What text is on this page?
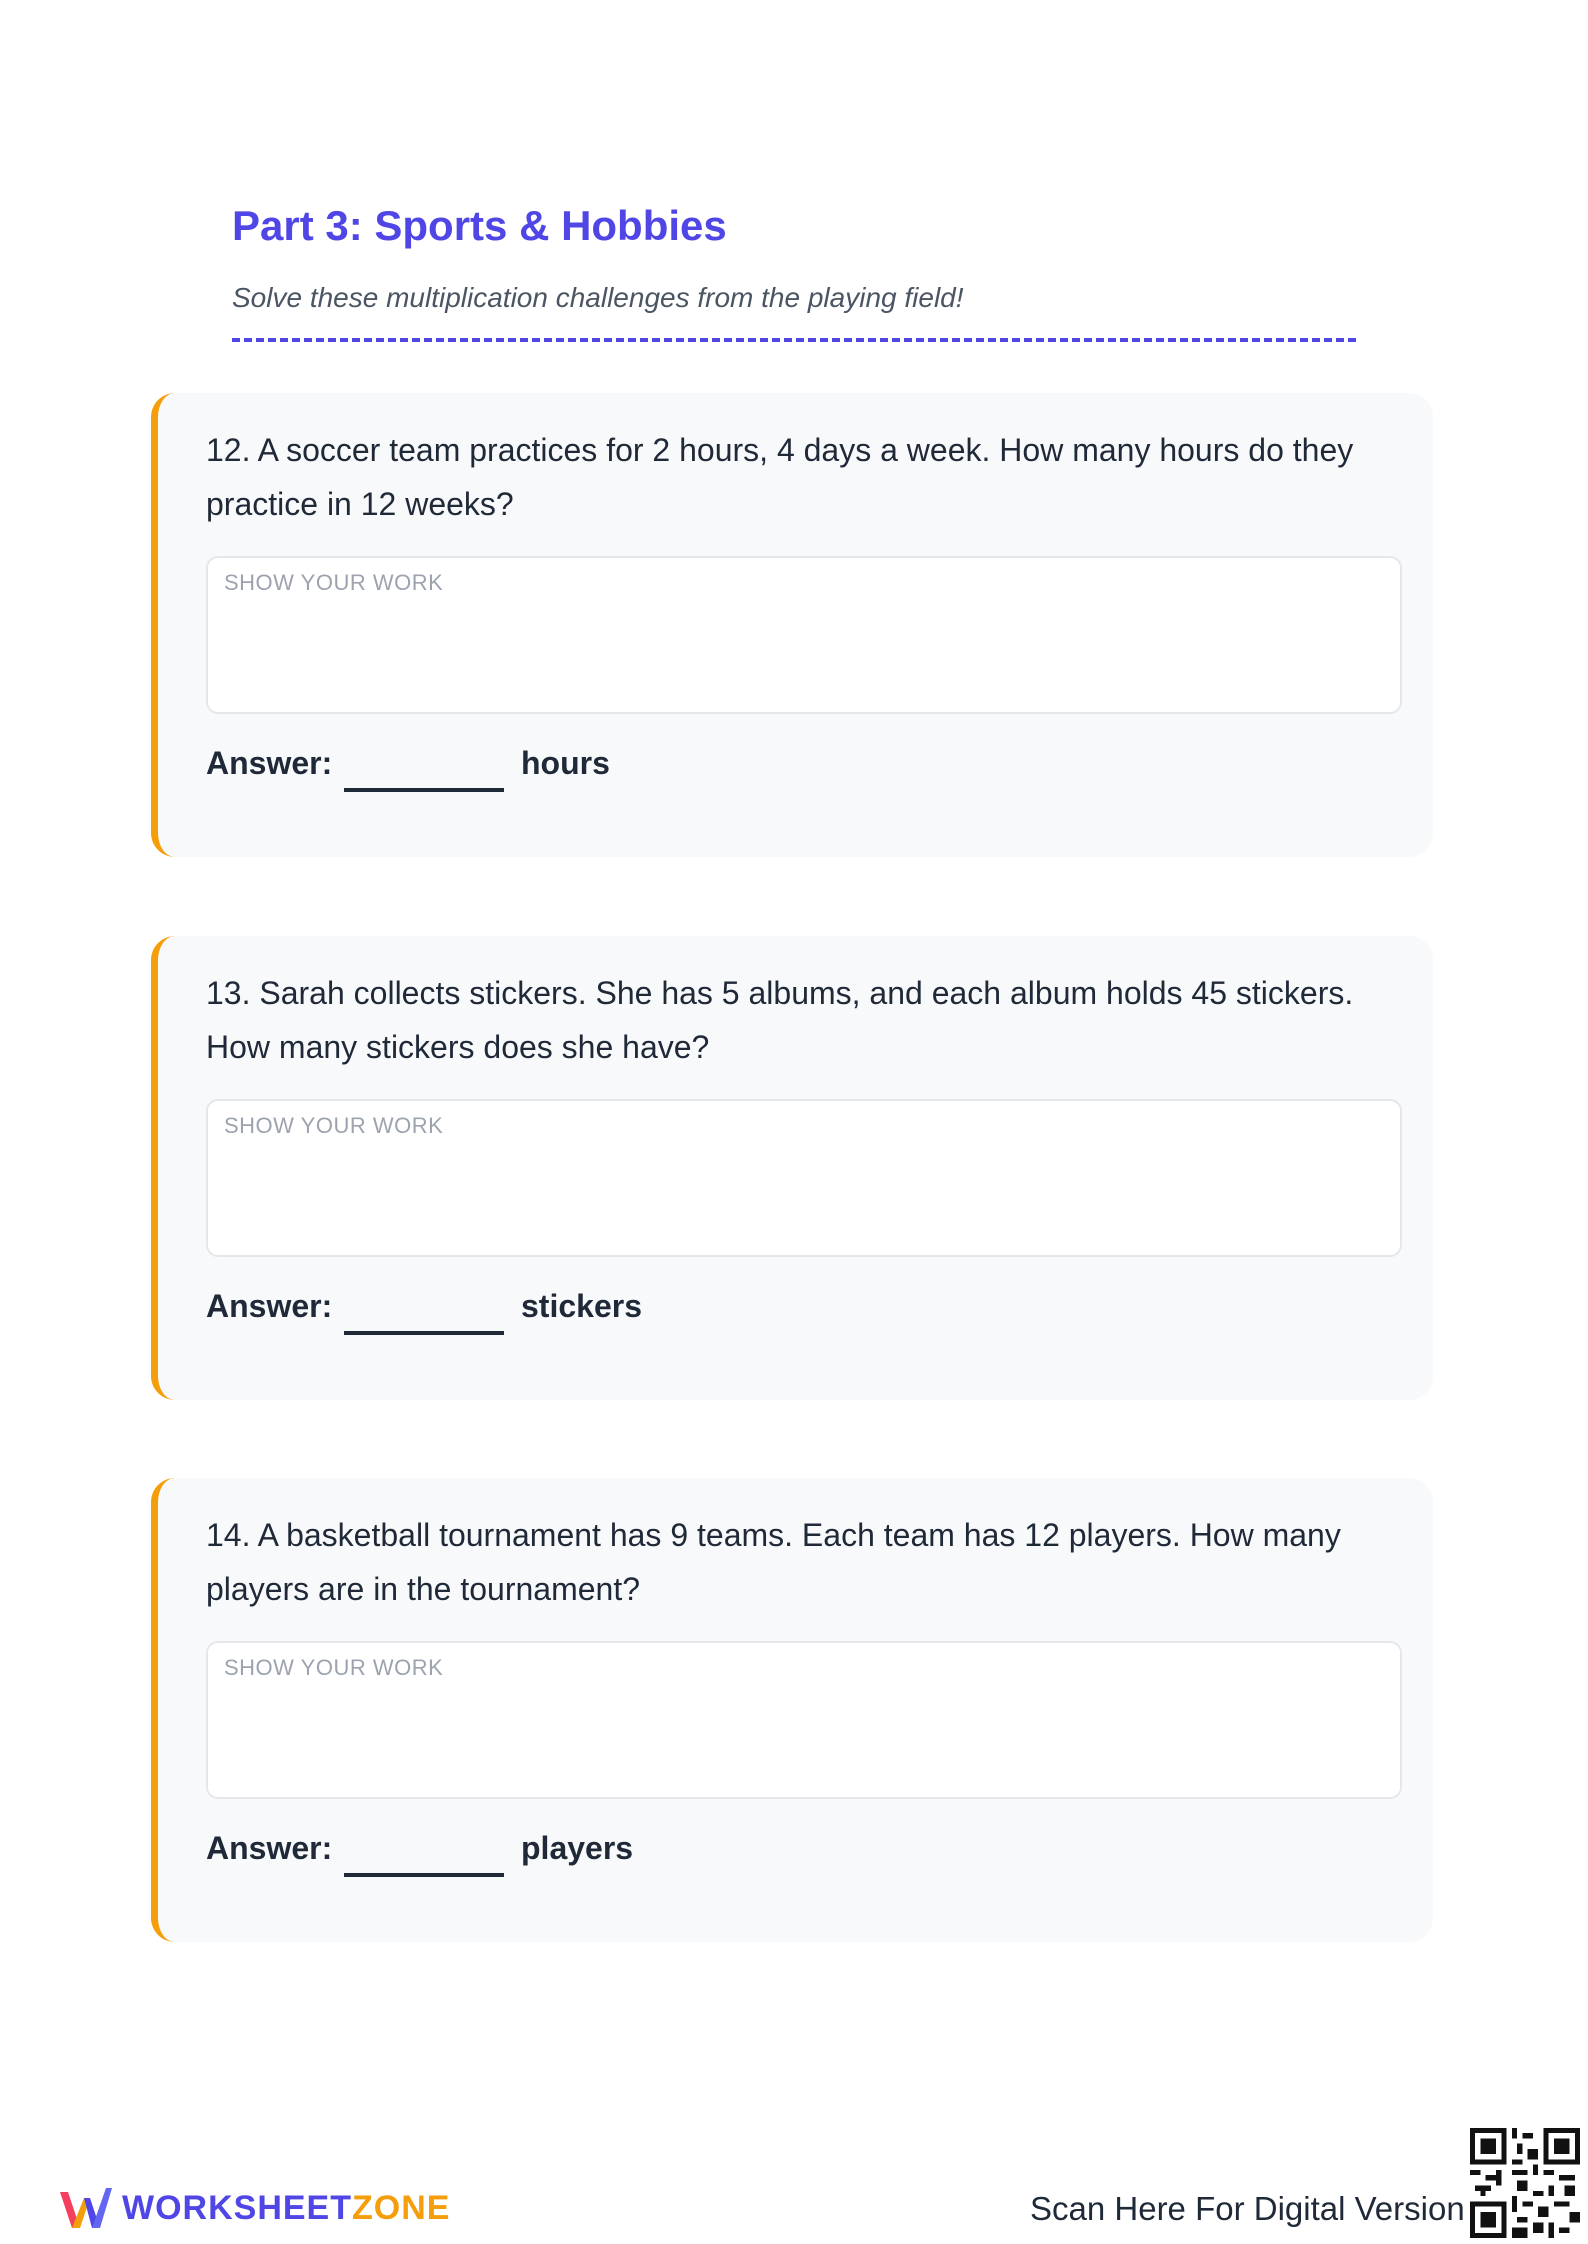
Part 3: Sports & Hobbies
Solve these multiplication challenges from the playing field!
12. A soccer team practices for 2 hours, 4 days a week. How many hours do they practice in 12 weeks?
SHOW YOUR WORK
Answer:	hours
13. Sarah collects stickers. She has 5 albums, and each album holds 45 stickers. How many stickers does she have?
SHOW YOUR WORK
Answer:	stickers
14. A basketball tournament has 9 teams. Each team has 12 players. How many players are in the tournament?
SHOW YOUR WORK
Answer:	players
WORKSHEETZONE	Scan Here For Digital Version
